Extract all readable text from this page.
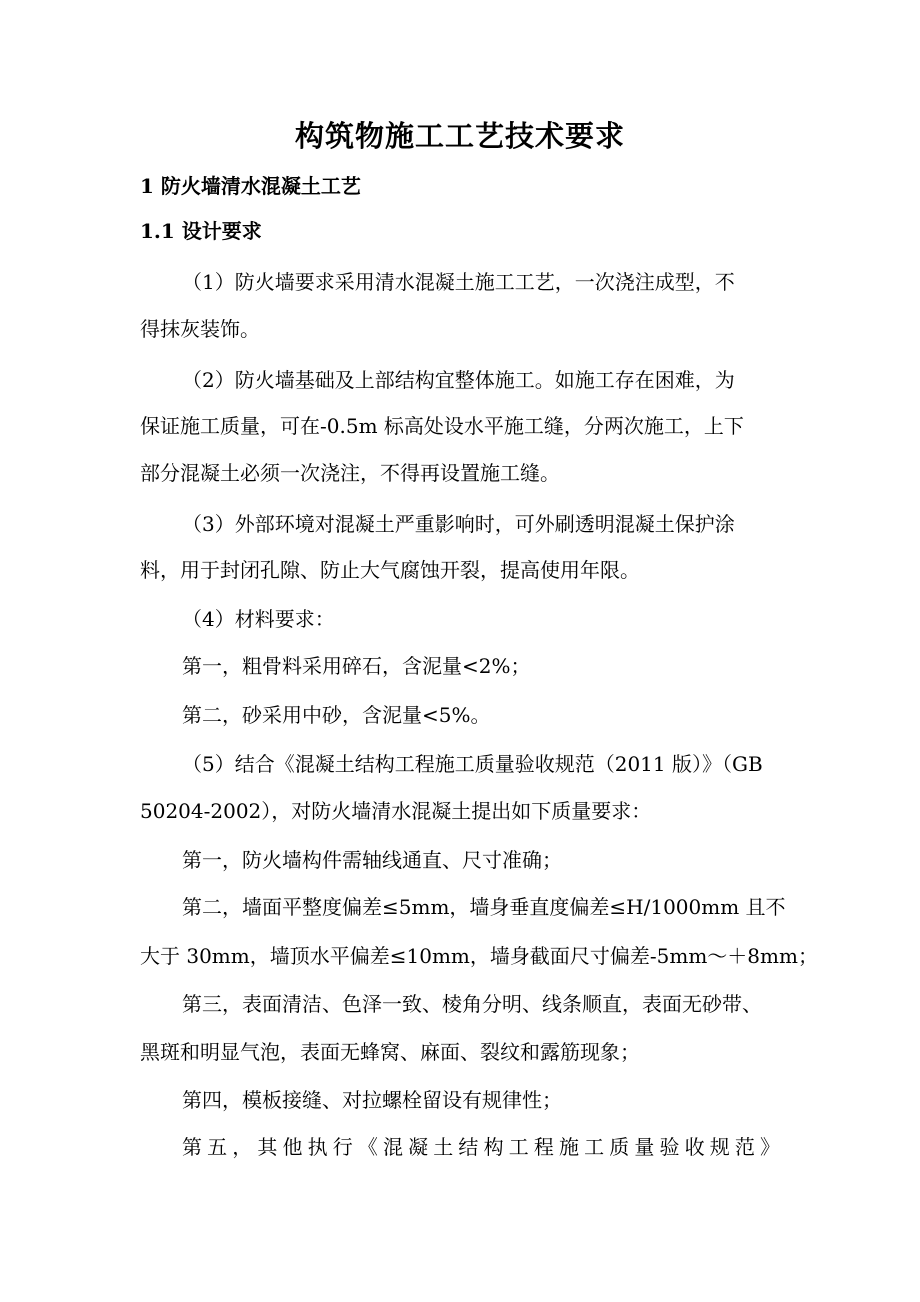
构筑物施工工艺技术要求
1 防火墙清水混凝土工艺
1.1 设计要求
（1）防火墙要求采用清水混凝土施工工艺，一次浇注成型，不
得抹灰装饰。
（2）防火墙基础及上部结构宜整体施工。如施工存在困难，为
保证施工质量，可在-0.5m 标高处设水平施工缝，分两次施工，上下
部分混凝土必须一次浇注，不得再设置施工缝。
（3）外部环境对混凝土严重影响时，可外刷透明混凝土保护涂
料，用于封闭孔隙、防止大气腐蚀开裂，提高使用年限。
（4）材料要求：
第一，粗骨料采用碎石，含泥量<2%；
第二，砂采用中砂，含泥量<5%。
（5）结合《混凝土结构工程施工质量验收规范（2011 版）》（GB
50204-2002），对防火墙清水混凝土提出如下质量要求：
第一，防火墙构件需轴线通直、尺寸准确；
第二，墙面平整度偏差≤5mm，墙身垂直度偏差≤H/1000mm 且不
大于 30mm，墙顶水平偏差≤10mm，墙身截面尺寸偏差-5mm～＋8mm；
第三，表面清洁、色泽一致、棱角分明、线条顺直，表面无砂带、
黑斑和明显气泡，表面无蜂窝、麻面、裂纹和露筋现象；
第四，模板接缝、对拉螺栓留设有规律性；
第五，其他执行《混凝土结构工程施工质量验收规范》
